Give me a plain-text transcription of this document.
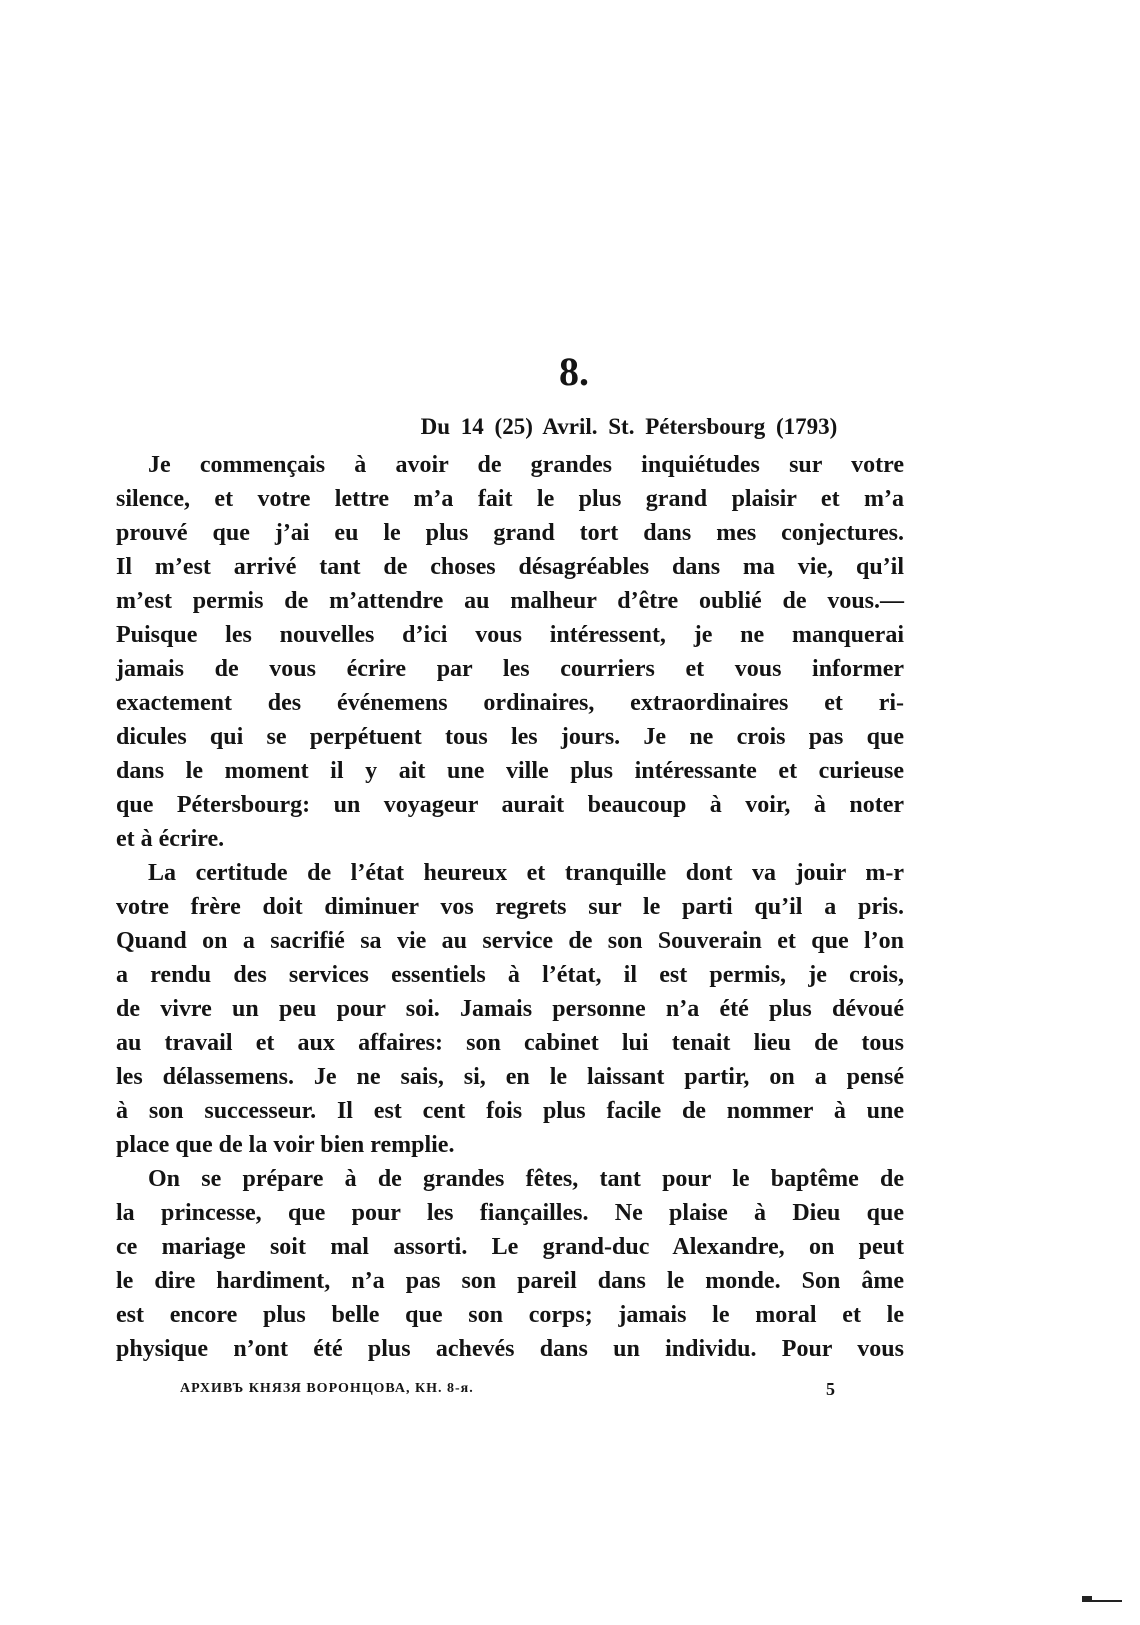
8.
Du 14 (25) Avril. St. Pétersbourg (1793)
Je commençais à avoir de grandes inquiétudes sur votre
silence, et votre lettre m’a fait le plus grand plaisir et m’a
prouvé que j’ai eu le plus grand tort dans mes conjectures.
Il m’est arrivé tant de choses désagréables dans ma vie, qu’il
m’est permis de m’attendre au malheur d’être oublié de vous.—
Puisque les nouvelles d’ici vous intéressent, je ne manquerai
jamais de vous écrire par les courriers et vous informer
exactement des événemens ordinaires, extraordinaires et ri-
dicules qui se perpétuent tous les jours. Je ne crois pas que
dans le moment il y ait une ville plus intéressante et curieuse
que Pétersbourg: un voyageur aurait beaucoup à voir, à noter
et à écrire.
La certitude de l’état heureux et tranquille dont va jouir m-r
votre frère doit diminuer vos regrets sur le parti qu’il a pris.
Quand on a sacrifié sa vie au service de son Souverain et que l’on
a rendu des services essentiels à l’état, il est permis, je crois,
de vivre un peu pour soi. Jamais personne n’a été plus dévoué
au travail et aux affaires: son cabinet lui tenait lieu de tous
les délassemens. Je ne sais, si, en le laissant partir, on a pensé
à son successeur. Il est cent fois plus facile de nommer à une
place que de la voir bien remplie.
On se prépare à de grandes fêtes, tant pour le baptême de
la princesse, que pour les fiançailles. Ne plaise à Dieu que
ce mariage soit mal assorti. Le grand-duc Alexandre, on peut
le dire hardiment, n’a pas son pareil dans le monde. Son âme
est encore plus belle que son corps; jamais le moral et le
physique n’ont été plus achevés dans un individu. Pour vous
АРХИВЪ КНЯЗЯ ВОРОНЦОВА, КН. 8-я.	5
